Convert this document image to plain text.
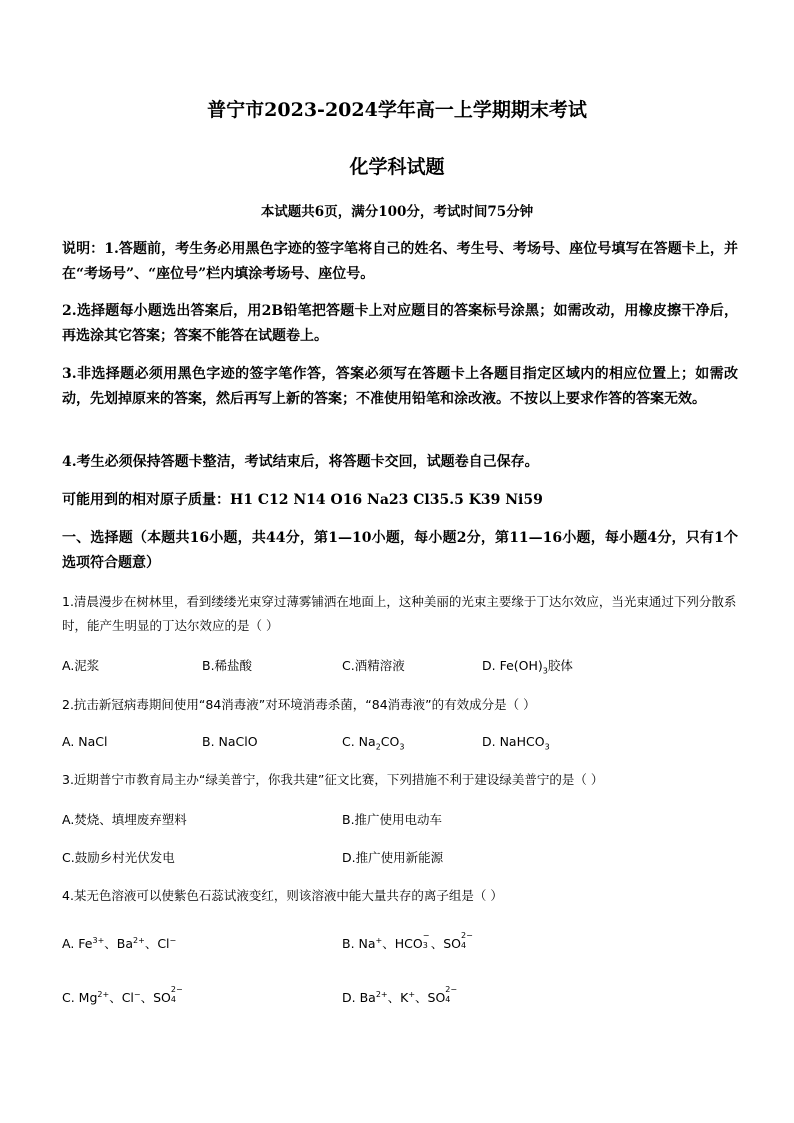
普宁市2023-2024学年高一上学期期末考试
化学科试题
本试题共6页，满分100分，考试时间75分钟

说明：1.答题前，考生务必用黑色字迹的签字笔将自己的姓名、考生号、考场号、座位号填写在答题卡上，并在“考场号”、“座位号”栏内填涂考场号、座位号。

2.选择题每小题选出答案后，用2B铅笔把答题卡上对应题目的答案标号涂黑；如需改动，用橡皮擦干净后，再选涂其它答案；答案不能答在试题卷上。

3.非选择题必须用黑色字迹的签字笔作答，答案必须写在答题卡上各题目指定区域内的相应位置上；如需改动，先划掉原来的答案，然后再写上新的答案；不准使用铅笔和涂改液。不按以上要求作答的答案无效。

4.考生必须保持答题卡整洁，考试结束后，将答题卡交回，试题卷自己保存。

可能用到的相对原子质量：H1 C12 N14 O16 Na23 Cl35.5 K39 Ni59

一、选择题（本题共16小题，共44分，第1—10小题，每小题2分，第11—16小题，每小题4分，只有1个选项符合题意）

1.清晨漫步在树林里，看到缕缕光束穿过薄雾铺洒在地面上，这种美丽的光束主要缘于丁达尔效应，当光束通过下列分散系时，能产生明显的丁达尔效应的是（ ）

A.泥浆	B.稀盐酸	C.酒精溶液	D. $Fe(OH)_3$胶体

2.抗击新冠病毒期间使用“84消毒液”对环境消毒杀菌，“84消毒液”的有效成分是（ ）

A. NaCl	B. NaClO	C. $Na_2CO_3$	D. NaHCO$_3$

3.近期普宁市教育局主办“绿美普宁，你我共建”征文比赛，下列措施不利于建设绿美普宁的是（ ）

A.焚烧、填埋废弃塑料	B.推广使用电动车
C.鼓励乡村光伏发电	D.推广使用新能源

4.某无色溶液可以使紫色石蕊试液变红，则该溶液中能大量共存的离子组是（ ）

A. $Fe^{3+}$、$Ba^{2+}$、Cl−	B. Na+、HCO
−
3 、SO
2−
4
C. $Mg^{2+}$、Cl−、SO
2−
4	D. $Ba^{2+}$、K+、SO
2−
4
